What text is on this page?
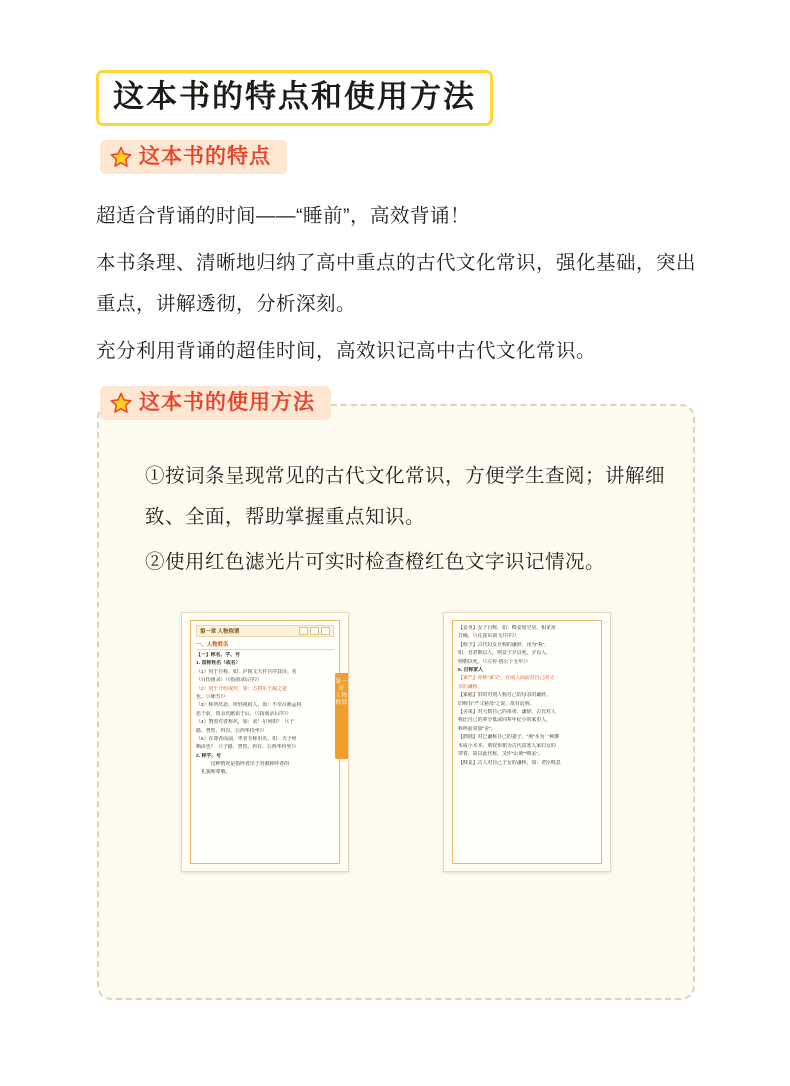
这本书的特点和使用方法
这本书的特点

超适合背诵的时间——“睡前”，高效背诵！

本书条理、清晰地归纳了高中重点的古代文化常识，强化基础，突出重点，讲解透彻，分析深刻。

充分利用背诵的超佳时间，高效识记高中古代文化常识。

这本书的使用方法

①按词条呈现常见的古代文化常识，方便学生查阅；讲解细致、全面，帮助掌握重点知识。

②使用红色滤光片可实时检查橙红色文字识记情况。

第一章 人物称谓
一、人物姓名
【一】称名、字、号
1. 直称姓名（或名）
（1）用于自称，如：庐陵文天祥自序其诗。名
（目伤南录）（《指南录后序》）
（2）用于介绍或传，如：方将军王凝之妻
也。（《咏雪》）
（3）称所厌恶、所轻视的人，如：不幸吕师孟构
恶于前，贾余庆献谄于后。（《指南录后序》）
（4）赞者对者称名，如：求！尔何如？（《子
路、曾皙、冉有、公西华侍坐》）
（5）在尊者面前，卑者互称用名，如：夫子何
哂由也？（《子路、曾皙、冉有、公西华侍坐》）
2. 称字、号
　　这种情况是指呼者出于对被称呼者的
礼貌和尊敬。
第一章 人物称谓
【妾身】女子自称，如：贱妾留空房，相见常
日稀。（《孔雀东南飞并序》）
【称予】古代妇女自称的谦辞，译为“我”，
如：君甚朝以人，则妾子夕以死，夕以人，
则朝以死。（《左传·僖公十五年》）
5. 自称家人
【家严】亦称“家父”，在别人面前对自己的父
亲的谦称。
【家慈】旧时对别人称自己的母亲的谦辞。
旧称有“严父慈母”之说，故有此称。
【舍弟】对大数自己的弟弟，谦辞。古代对人
称比自己的辈分低或同辈年纪小的家里人，
称呼前常加“舍”。
【拙荆】对已谦称自己的妻子。“荆”本为一种灌
木或小木本，荆钗布裙为古代贫寒人家妇女的
穿着，故以此代称，又作“山荆”“贱室”。
【贱妾】古人对自己子女的谦称，如：老臣贱息
